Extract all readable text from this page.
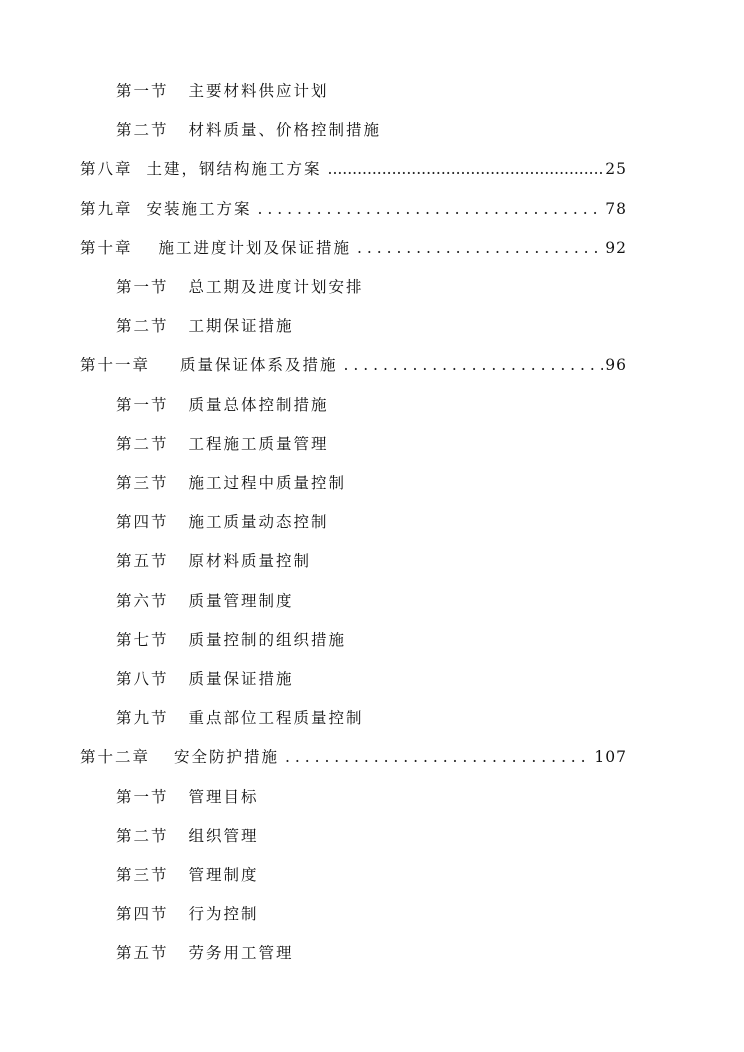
第一节 主要材料供应计划
第二节 材料质量、价格控制措施
第八章 土建，钢结构施工方案 .....	25
第九章 安装施工方案 . . .	78
第十章 施工进度计划及保证措施 . . .	92
第一节 总工期及进度计划安排
第二节 工期保证措施
第十一章 质量保证体系及措施 . . .	96
第一节 质量总体控制措施
第二节 工程施工质量管理
第三节 施工过程中质量控制
第四节 施工质量动态控制
第五节 原材料质量控制
第六节 质量管理制度
第七节 质量控制的组织措施
第八节 质量保证措施
第九节 重点部位工程质量控制
第十二章 安全防护措施 . . .	107
第一节 管理目标
第二节 组织管理
第三节 管理制度
第四节 行为控制
第五节 劳务用工管理
